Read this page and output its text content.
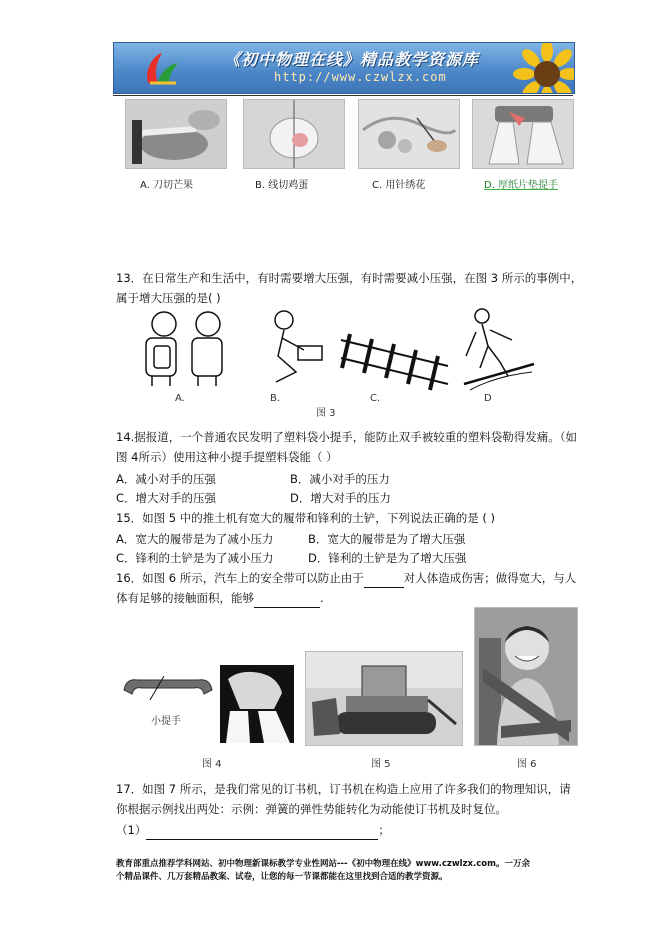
《初中物理在线》精品教学资源库
http://www.czwlzx.com
A. 刀切芒果	B. 线切鸡蛋	C. 用针绣花	D. 厚纸片垫提手
13．在日常生产和生活中，有时需要增大压强，有时需要减小压强，在图 3 所示的事例中，
属于增大压强的是( )
A.	B.	C.	D
图 3
14.据报道，一个普通农民发明了塑料袋小提手，能防止双手被较重的塑料袋勒得发痛。（如
图 4所示）使用这种小提手提塑料袋能（ ）
A．减小对手的压强	B．减小对手的压力
C．增大对手的压强	D．增大对手的压力
15．如图 5 中的推土机有宽大的履带和锋利的土铲，下列说法正确的是 ( )
A．宽大的履带是为了减小压力	B．宽大的履带是为了增大压强
C．锋利的土铲是为了减小压力	D．锋利的土铲是为了增大压强
16．如图 6 所示，汽车上的安全带可以防止由于	对人体造成伤害；做得宽大，与人
体有足够的接触面积，能够	.
小提手
图 4	图 5	图 6
17．如图 7 所示，是我们常见的订书机，订书机在构造上应用了许多我们的物理知识，请
你根据示例找出两处：示例：弹簧的弹性势能转化为动能使订书机及时复位。
（1）	；
教育部重点推荐学科网站、初中物理新课标教学专业性网站---《初中物理在线》www.czwlzx.com。一万余
个精品课件、几万套精品教案、试卷，让您的每一节课都能在这里找到合适的教学资源。
